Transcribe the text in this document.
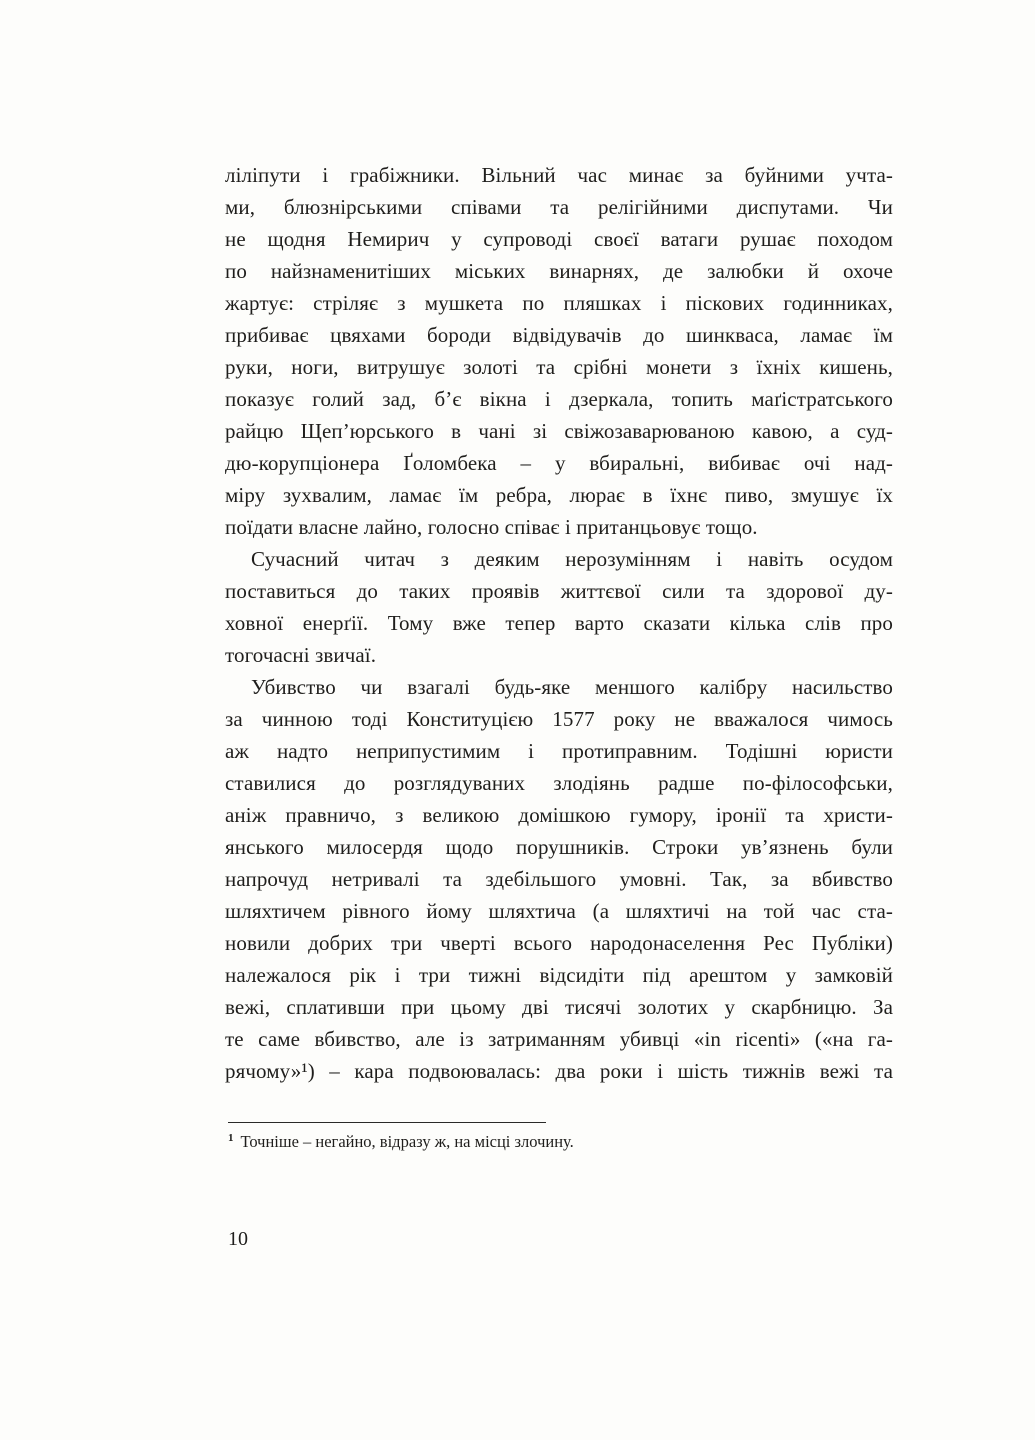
ліліпути і грабіжники. Вільний час минає за буйними учта-
ми, блюзнірськими співами та релігійними диспутами. Чи
не щодня Немирич у супроводі своєї ватаги рушає походом
по найзнаменитіших міських винарнях, де залюбки й охоче
жартує: стріляє з мушкета по пляшках і піскових годинниках,
прибиває цвяхами бороди відвідувачів до шинкваса, ламає їм
руки, ноги, витрушує золоті та срібні монети з їхніх кишень,
показує голий зад, б’є вікна і дзеркала, топить маґістратського
райцю Щеп’юрського в чані зі свіжозаварюваною кавою, а суд-
дю-корупціонера Ґоломбека – у вбиральні, вибиває очі над-
міру зухвалим, ламає їм ребра, люрає в їхнє пиво, змушує їх
поїдати власне лайно, голосно співає і пританцьовує тощо.
Сучасний читач з деяким нерозумінням і навіть осудом
поставиться до таких проявів життєвої сили та здорової ду-
ховної енерґії. Тому вже тепер варто сказати кілька слів про
тогочасні звичаї.
Убивство чи взагалі будь-яке меншого калібру насильство
за чинною тоді Конституцією 1577 року не вважалося чимось
аж надто неприпустимим і протиправним. Тодішні юристи
ставилися до розглядуваних злодіянь радше по-філософськи,
аніж правничо, з великою домішкою гумору, іронії та христи-
янського милосердя щодо порушників. Строки ув’язнень були
напрочуд нетривалі та здебільшого умовні. Так, за вбивство
шляхтичем рівного йому шляхтича (а шляхтичі на той час ста-
новили добрих три чверті всього народонаселення Рес Публіки)
належалося рік і три тижні відсидіти під арештом у замковій
вежі, сплативши при цьому дві тисячі золотих у скарбницю. За
те саме вбивство, але із затриманням убивці «in ricenti» («на га-
рячому»¹) – кара подвоювалась: два роки і шість тижнів вежі та
$^1$ Точніше – негайно, відразу ж, на місці злочину.
10
